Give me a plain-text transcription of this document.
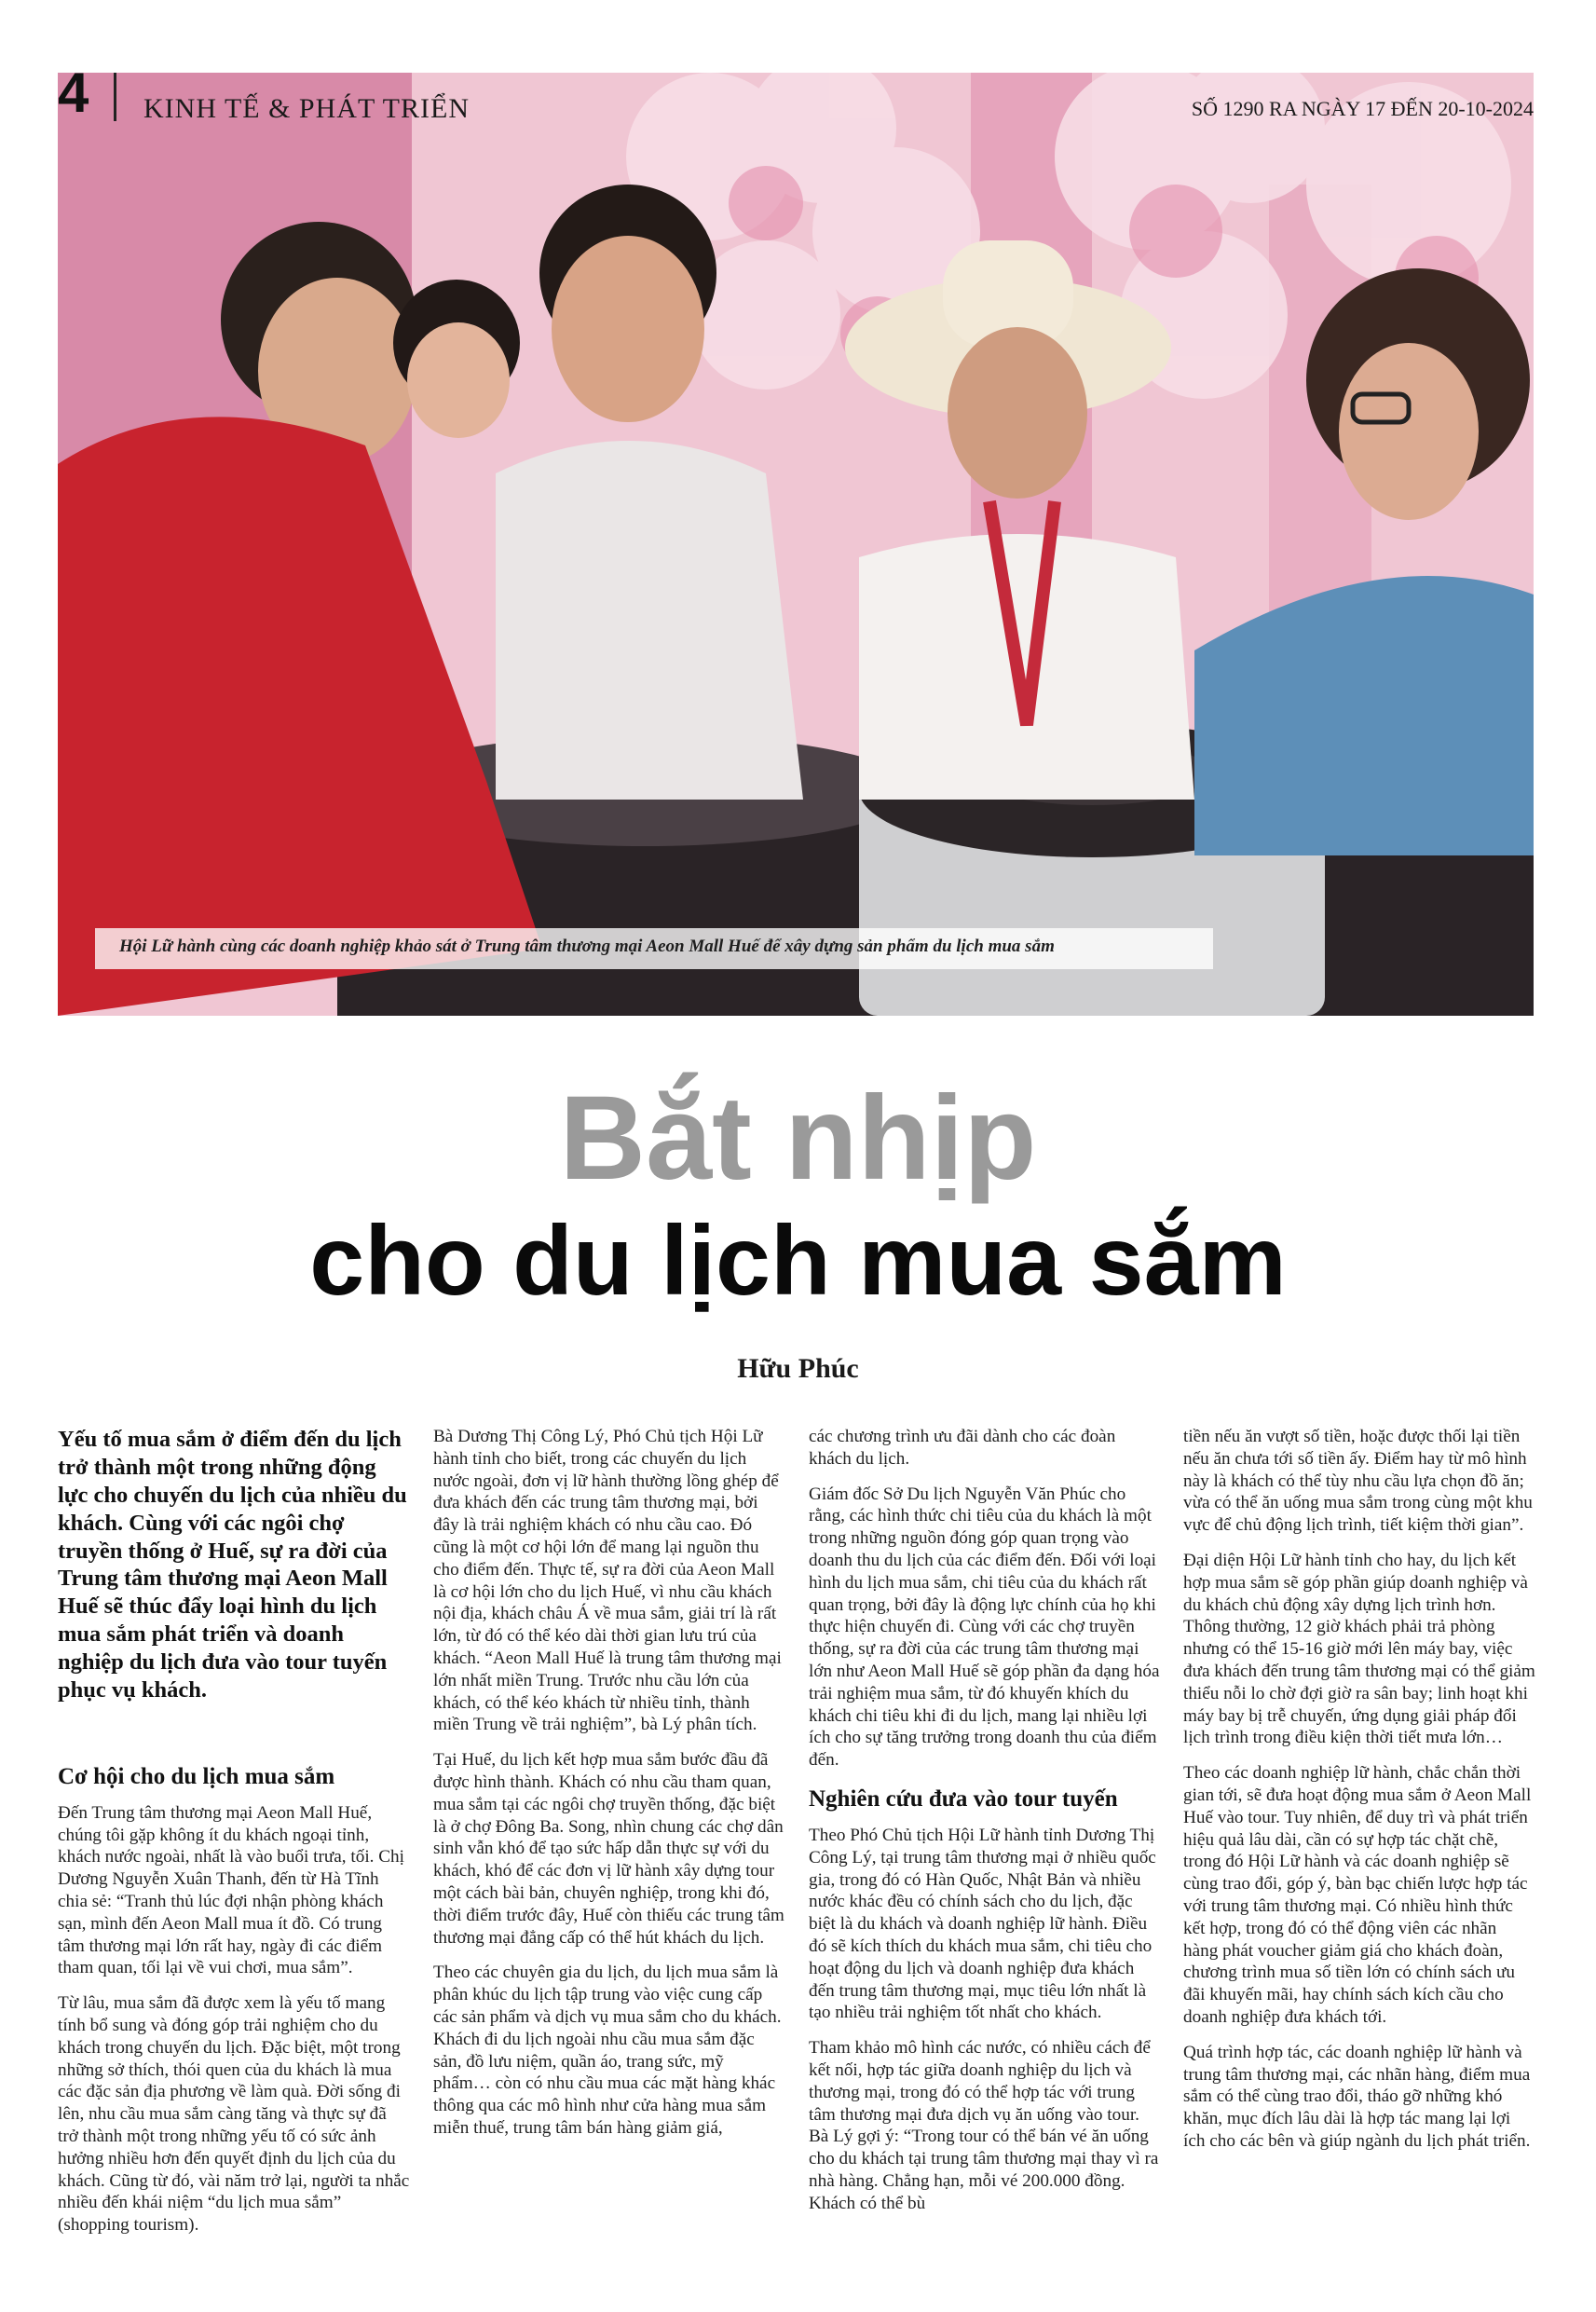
Hội Lữ hành cùng các doanh nghiệp khảo sát ở Trung tâm thương mại Aeon Mall Huế để xây dựng sản phẩm du lịch mua sắm
4 KINH TẾ & PHÁT TRIỂN	SỐ 1290 RA NGÀY 17 ĐẾN 20-10-2024
Bắt nhịp
cho du lịch mua sắm
Hữu Phúc

Yếu tố mua sắm ở điểm đến du lịch trở thành một trong những động lực cho chuyến du lịch của nhiều du khách. Cùng với các ngôi chợ truyền thống ở Huế, sự ra đời của Trung tâm thương mại Aeon Mall Huế sẽ thúc đẩy loại hình du lịch mua sắm phát triển và doanh nghiệp du lịch đưa vào tour tuyến phục vụ khách.

Cơ hội cho du lịch mua sắm

Đến Trung tâm thương mại Aeon Mall Huế, chúng tôi gặp không ít du khách ngoại tỉnh, khách nước ngoài, nhất là vào buổi trưa, tối. Chị Dương Nguyễn Xuân Thanh, đến từ Hà Tĩnh chia sẻ: “Tranh thủ lúc đợi nhận phòng khách sạn, mình đến Aeon Mall mua ít đồ. Có trung tâm thương mại lớn rất hay, ngày đi các điểm tham quan, tối lại về vui chơi, mua sắm”.

Từ lâu, mua sắm đã được xem là yếu tố mang tính bổ sung và đóng góp trải nghiệm cho du khách trong chuyến du lịch. Đặc biệt, một trong những sở thích, thói quen của du khách là mua các đặc sản địa phương về làm quà. Đời sống đi lên, nhu cầu mua sắm càng tăng và thực sự đã trở thành một trong những yếu tố có sức ảnh hưởng nhiều hơn đến quyết định du lịch của du khách. Cũng từ đó, vài năm trở lại, người ta nhắc nhiều đến khái niệm “du lịch mua sắm” (shopping tourism).

Bà Dương Thị Công Lý, Phó Chủ tịch Hội Lữ hành tỉnh cho biết, trong các chuyến du lịch nước ngoài, đơn vị lữ hành thường lồng ghép để đưa khách đến các trung tâm thương mại, bởi đây là trải nghiệm khách có nhu cầu cao. Đó cũng là một cơ hội lớn để mang lại nguồn thu cho điểm đến. Thực tế, sự ra đời của Aeon Mall là cơ hội lớn cho du lịch Huế, vì nhu cầu khách nội địa, khách châu Á về mua sắm, giải trí là rất lớn, từ đó có thể kéo dài thời gian lưu trú của khách. “Aeon Mall Huế là trung tâm thương mại lớn nhất miền Trung. Trước nhu cầu lớn của khách, có thể kéo khách từ nhiều tỉnh, thành miền Trung về trải nghiệm”, bà Lý phân tích.

Tại Huế, du lịch kết hợp mua sắm bước đầu đã được hình thành. Khách có nhu cầu tham quan, mua sắm tại các ngôi chợ truyền thống, đặc biệt là ở chợ Đông Ba. Song, nhìn chung các chợ dân sinh vẫn khó để tạo sức hấp dẫn thực sự với du khách, khó để các đơn vị lữ hành xây dựng tour một cách bài bản, chuyên nghiệp, trong khi đó, thời điểm trước đây, Huế còn thiếu các trung tâm thương mại đẳng cấp có thể hút khách du lịch.

Theo các chuyên gia du lịch, du lịch mua sắm là phân khúc du lịch tập trung vào việc cung cấp các sản phẩm và dịch vụ mua sắm cho du khách. Khách đi du lịch ngoài nhu cầu mua sắm đặc sản, đồ lưu niệm, quần áo, trang sức, mỹ phẩm… còn có nhu cầu mua các mặt hàng khác thông qua các mô hình như cửa hàng mua sắm miễn thuế, trung tâm bán hàng giảm giá,

các chương trình ưu đãi dành cho các đoàn khách du lịch.

Giám đốc Sở Du lịch Nguyễn Văn Phúc cho rằng, các hình thức chi tiêu của du khách là một trong những nguồn đóng góp quan trọng vào doanh thu du lịch của các điểm đến. Đối với loại hình du lịch mua sắm, chi tiêu của du khách rất quan trọng, bởi đây là động lực chính của họ khi thực hiện chuyến đi. Cùng với các chợ truyền thống, sự ra đời của các trung tâm thương mại lớn như Aeon Mall Huế sẽ góp phần đa dạng hóa trải nghiệm mua sắm, từ đó khuyến khích du khách chi tiêu khi đi du lịch, mang lại nhiều lợi ích cho sự tăng trưởng trong doanh thu của điểm đến.

Nghiên cứu đưa vào tour tuyến

Theo Phó Chủ tịch Hội Lữ hành tỉnh Dương Thị Công Lý, tại trung tâm thương mại ở nhiều quốc gia, trong đó có Hàn Quốc, Nhật Bản và nhiều nước khác đều có chính sách cho du lịch, đặc biệt là du khách và doanh nghiệp lữ hành. Điều đó sẽ kích thích du khách mua sắm, chi tiêu cho hoạt động du lịch và doanh nghiệp đưa khách đến trung tâm thương mại, mục tiêu lớn nhất là tạo nhiều trải nghiệm tốt nhất cho khách.

Tham khảo mô hình các nước, có nhiều cách để kết nối, hợp tác giữa doanh nghiệp du lịch và thương mại, trong đó có thể hợp tác với trung tâm thương mại đưa dịch vụ ăn uống vào tour. Bà Lý gợi ý: “Trong tour có thể bán vé ăn uống cho du khách tại trung tâm thương mại thay vì ra nhà hàng. Chẳng hạn, mỗi vé 200.000 đồng. Khách có thể bù

tiền nếu ăn vượt số tiền, hoặc được thối lại tiền nếu ăn chưa tới số tiền ấy. Điểm hay từ mô hình này là khách có thể tùy nhu cầu lựa chọn đồ ăn; vừa có thể ăn uống mua sắm trong cùng một khu vực để chủ động lịch trình, tiết kiệm thời gian”.

Đại diện Hội Lữ hành tỉnh cho hay, du lịch kết hợp mua sắm sẽ góp phần giúp doanh nghiệp và du khách chủ động xây dựng lịch trình hơn. Thông thường, 12 giờ khách phải trả phòng nhưng có thể 15-16 giờ mới lên máy bay, việc đưa khách đến trung tâm thương mại có thể giảm thiểu nỗi lo chờ đợi giờ ra sân bay; linh hoạt khi máy bay bị trễ chuyến, ứng dụng giải pháp đổi lịch trình trong điều kiện thời tiết mưa lớn…

Theo các doanh nghiệp lữ hành, chắc chắn thời gian tới, sẽ đưa hoạt động mua sắm ở Aeon Mall Huế vào tour. Tuy nhiên, để duy trì và phát triển hiệu quả lâu dài, cần có sự hợp tác chặt chẽ, trong đó Hội Lữ hành và các doanh nghiệp sẽ cùng trao đổi, góp ý, bàn bạc chiến lược hợp tác với trung tâm thương mại. Có nhiều hình thức kết hợp, trong đó có thể động viên các nhãn hàng phát voucher giảm giá cho khách đoàn, chương trình mua số tiền lớn có chính sách ưu đãi khuyến mãi, hay chính sách kích cầu cho doanh nghiệp đưa khách tới.

Quá trình hợp tác, các doanh nghiệp lữ hành và trung tâm thương mại, các nhãn hàng, điểm mua sắm có thể cùng trao đổi, tháo gỡ những khó khăn, mục đích lâu dài là hợp tác mang lại lợi ích cho các bên và giúp ngành du lịch phát triển.
